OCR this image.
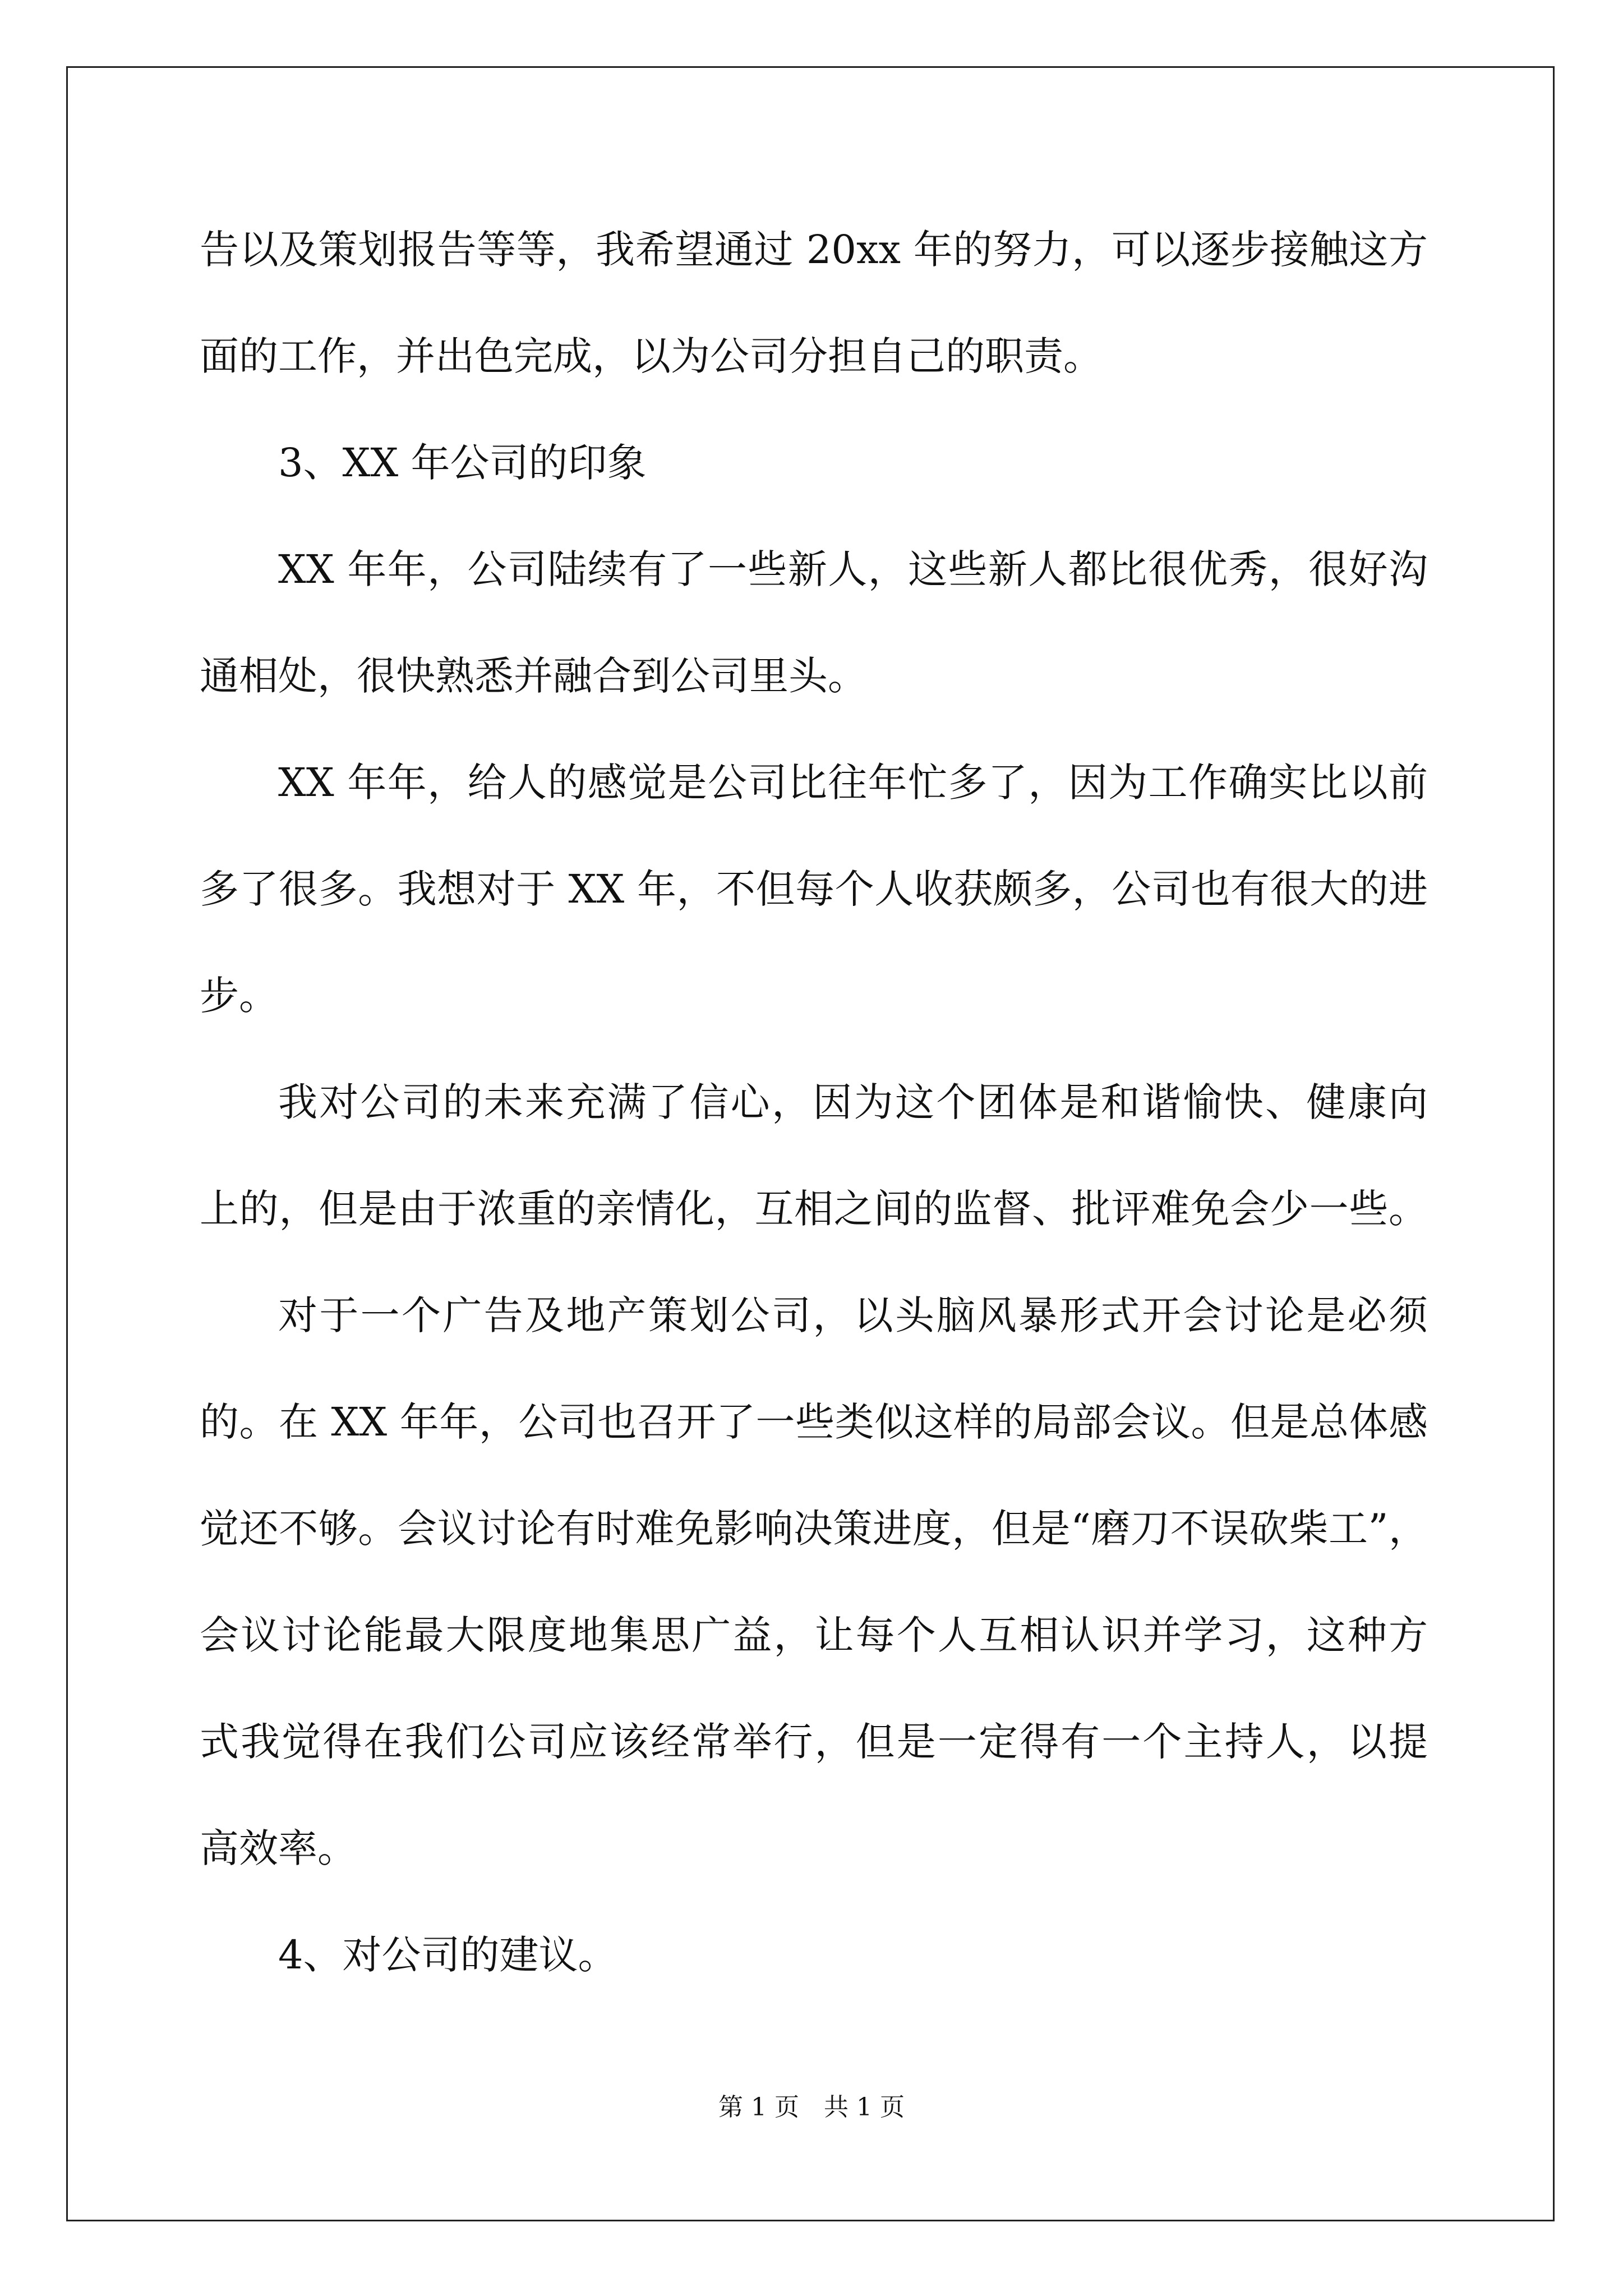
告以及策划报告等等，我希望通过 20xx 年的努力，可以逐步接触这方
面的工作，并出色完成，以为公司分担自己的职责。
3、XX 年公司的印象
XX 年年，公司陆续有了一些新人，这些新人都比很优秀，很好沟
通相处，很快熟悉并融合到公司里头。
XX 年年，给人的感觉是公司比往年忙多了，因为工作确实比以前
多了很多。我想对于 XX 年，不但每个人收获颇多，公司也有很大的进
步。
我对公司的未来充满了信心，因为这个团体是和谐愉快、健康向
上的，但是由于浓重的亲情化，互相之间的监督、批评难免会少一些。
对于一个广告及地产策划公司，以头脑风暴形式开会讨论是必须
的。在 XX 年年，公司也召开了一些类似这样的局部会议。但是总体感
觉还不够。会议讨论有时难免影响决策进度，但是“磨刀不误砍柴工”，
会议讨论能最大限度地集思广益，让每个人互相认识并学习，这种方
式我觉得在我们公司应该经常举行，但是一定得有一个主持人，以提
高效率。
4、对公司的建议。
第 1 页　共 1 页
